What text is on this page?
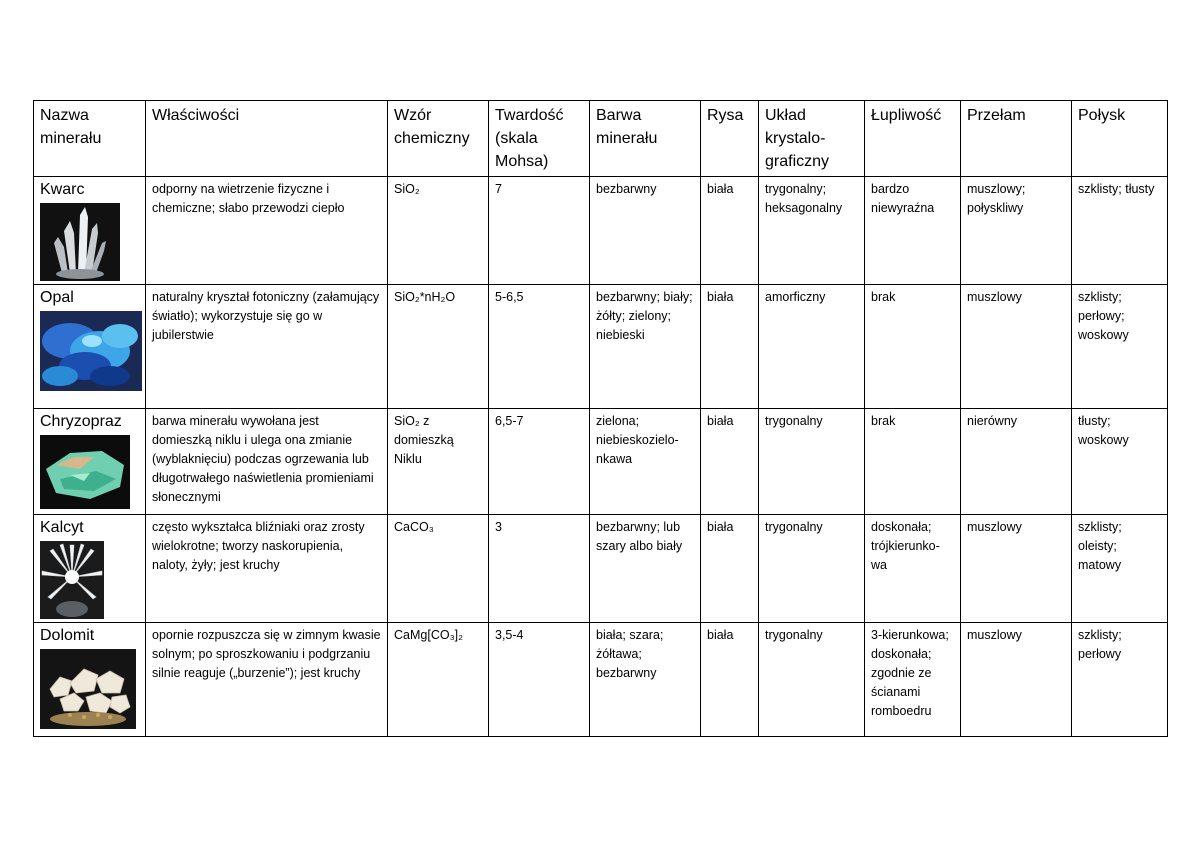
Nazwa minerału	Właściwości	Wzór chemiczny	Twardość (skala Mohsa)	Barwa minerału	Rysa	Układ krystalo-graficzny	Łupliwość	Przełam	Połysk

Kwarc	odporny na wietrzenie fizyczne i chemiczne; słabo przewodzi ciepło	SiO₂	7	bezbarwny	biała	trygonalny; heksagonalny	bardzo niewyraźna	muszlowy; połyskliwy	szklisty; tłusty

Opal	naturalny kryształ fotoniczny (załamujący światło); wykorzystuje się go w jubilerstwie	SiO₂*nH₂O	5-6,5	bezbarwny; biały; żółty; zielony; niebieski	biała	amorficzny	brak	muszlowy	szklisty; perłowy; woskowy

Chryzopraz	barwa minerału wywołana jest domieszką niklu i ulega ona zmianie (wyblaknięciu) podczas ogrzewania lub długotrwałego naświetlenia promieniami słonecznymi	SiO₂ z domieszką Niklu	6,5-7	zielona; niebieskozielo-nkawa	biała	trygonalny	brak	nierówny	tłusty; woskowy

Kalcyt	często wykształca bliźniaki oraz zrosty wielokrotne; tworzy naskorupienia, naloty, żyły; jest kruchy	CaCO₃	3	bezbarwny; lub szary albo biały	biała	trygonalny	doskonała; trójkierunko-wa	muszlowy	szklisty; oleisty; matowy

Dolomit	opornie rozpuszcza się w zimnym kwasie solnym; po sproszkowaniu i podgrzaniu silnie reaguje („burzenie”); jest kruchy	CaMg[CO₃]₂	3,5-4	biała; szara; żółtawa; bezbarwny	biała	trygonalny	3-kierunkowa; doskonała; zgodnie ze ścianami romboedru	muszlowy	szklisty; perłowy
